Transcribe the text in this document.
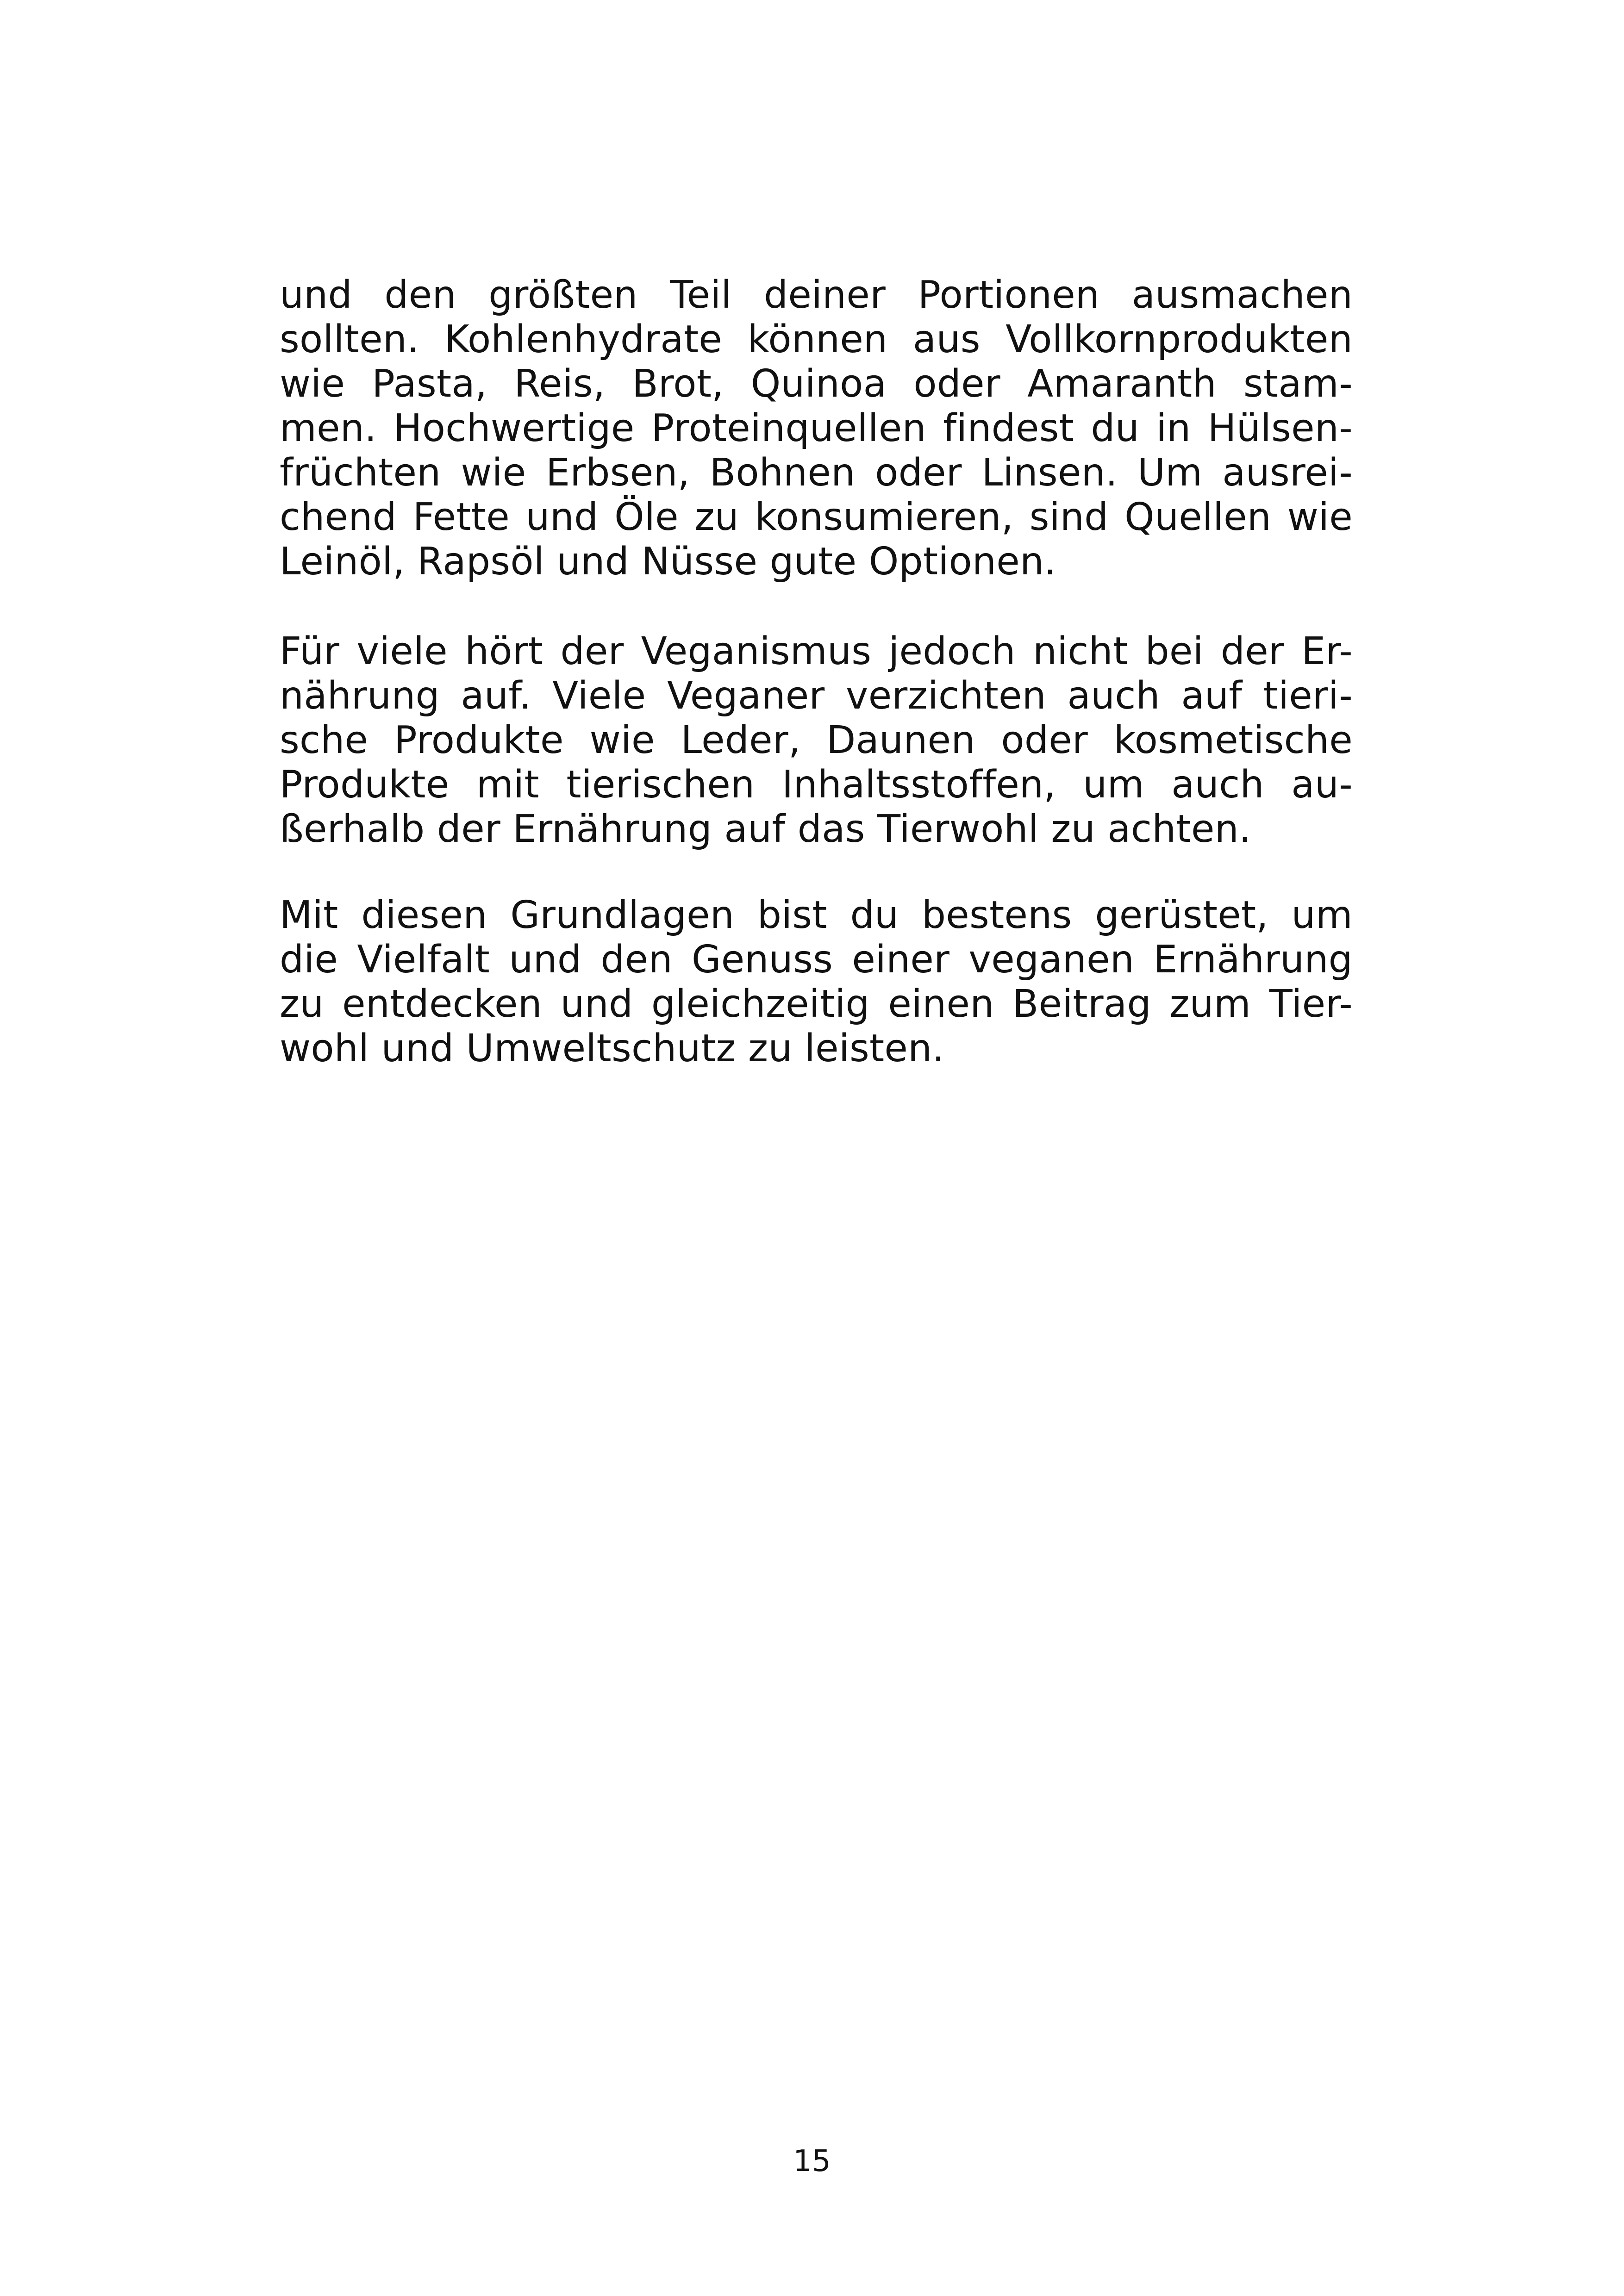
und den größten Teil deiner Portionen ausmachen
sollten. Kohlenhydrate können aus Vollkornprodukten
wie Pasta, Reis, Brot, Quinoa oder Amaranth stam-
men. Hochwertige Proteinquellen findest du in Hülsen-
früchten wie Erbsen, Bohnen oder Linsen. Um ausrei-
chend Fette und Öle zu konsumieren, sind Quellen wie
Leinöl, Rapsöl und Nüsse gute Optionen.

Für viele hört der Veganismus jedoch nicht bei der Er-
nährung auf. Viele Veganer verzichten auch auf tieri-
sche Produkte wie Leder, Daunen oder kosmetische
Produkte mit tierischen Inhaltsstoffen, um auch au-
ßerhalb der Ernährung auf das Tierwohl zu achten.

Mit diesen Grundlagen bist du bestens gerüstet, um
die Vielfalt und den Genuss einer veganen Ernährung
zu entdecken und gleichzeitig einen Beitrag zum Tier-
wohl und Umweltschutz zu leisten.

15
